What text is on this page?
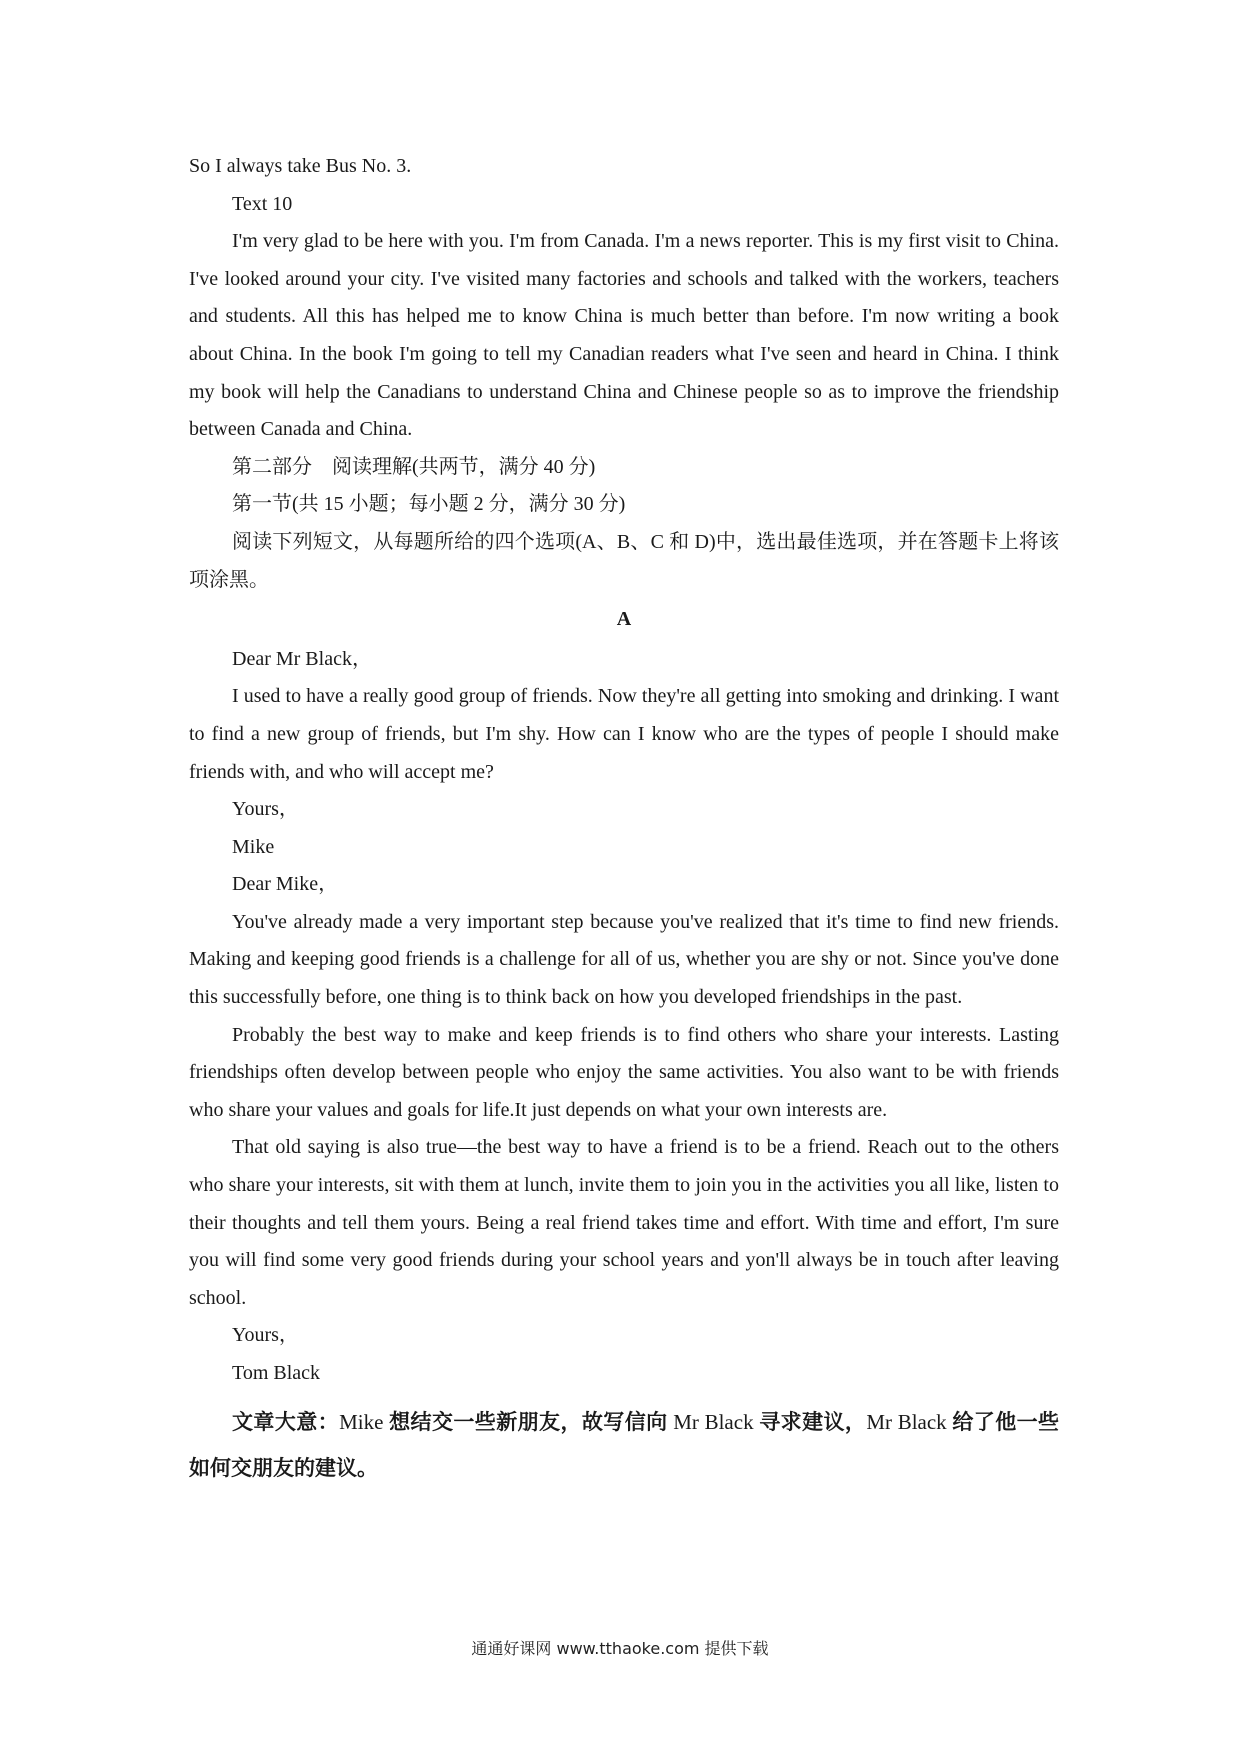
So I always take Bus No. 3.

Text 10

I'm very glad to be here with you. I'm from Canada. I'm a news reporter. This is my first visit to China. I've looked around your city. I've visited many factories and schools and talked with the workers, teachers and students. All this has helped me to know China is much better than before. I'm now writing a book about China. In the book I'm going to tell my Canadian readers what I've seen and heard in China. I think my book will help the Canadians to understand China and Chinese people so as to improve the friendship between Canada and China.

第二部分　阅读理解(共两节，满分 40 分)

第一节(共 15 小题；每小题 2 分，满分 30 分)

阅读下列短文，从每题所给的四个选项(A、B、C 和 D)中，选出最佳选项，并在答题卡上将该项涂黑。

A

Dear Mr Black，

I used to have a really good group of friends. Now they're all getting into smoking and drinking. I want to find a new group of friends, but I'm shy. How can I know who are the types of people I should make friends with, and who will accept me?

Yours，

Mike

Dear Mike，

You've already made a very important step because you've realized that it's time to find new friends. Making and keeping good friends is a challenge for all of us, whether you are shy or not. Since you've done this successfully before, one thing is to think back on how you developed friendships in the past.

Probably the best way to make and keep friends is to find others who share your interests. Lasting friendships often develop between people who enjoy the same activities. You also want to be with friends who share your values and goals for life.It just depends on what your own interests are.

That old saying is also true—the best way to have a friend is to be a friend. Reach out to the others who share your interests, sit with them at lunch, invite them to join you in the activities you all like, listen to their thoughts and tell them yours. Being a real friend takes time and effort. With time and effort, I'm sure you will find some very good friends during your school years and yon'll always be in touch after leaving school.

Yours，

Tom Black

文章大意：Mike 想结交一些新朋友，故写信向 Mr Black 寻求建议，Mr Black 给了他一些如何交朋友的建议。

通通好课网 www.tthaoke.com 提供下载
